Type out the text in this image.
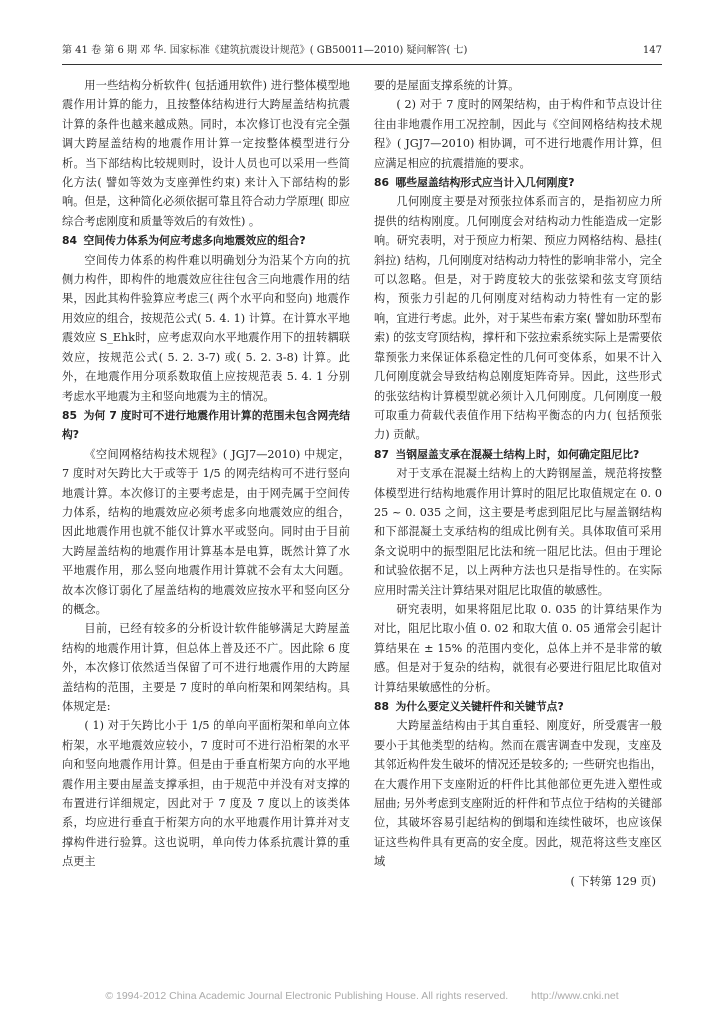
第 41 卷 第 6 期 邓 华. 国家标准《建筑抗震设计规范》( GB50011—2010) 疑问解答( 七)	147

用一些结构分析软件( 包括通用软件) 进行整体模型地震作用计算的能力，且按整体结构进行大跨屋盖结构抗震计算的条件也越来越成熟。同时，本次修订也没有完全强调大跨屋盖结构的地震作用计算一定按整体模型进行分析。当下部结构比较规则时，设计人员也可以采用一些简化方法( 譬如等效为支座弹性约束) 来计入下部结构的影响。但是，这种简化必须依据可靠且符合动力学原理( 即应综合考虑刚度和质量等效后的有效性) 。

84 空间传力体系为何应考虑多向地震效应的组合?

空间传力体系的构件难以明确划分为沿某个方向的抗侧力构件，即构件的地震效应往往包含三向地震作用的结果，因此其构件验算应考虑三( 两个水平向和竖向) 地震作用效应的组合，按规范公式( 5. 4. 1) 计算。在计算水平地震效应 S_Ehk时，应考虑双向水平地震作用下的扭转耦联效应，按规范公式( 5. 2. 3-7) 或( 5. 2. 3-8) 计算。此外，在地震作用分项系数取值上应按规范表 5. 4. 1 分别考虑水平地震为主和竖向地震为主的情况。

85 为何 7 度时可不进行地震作用计算的范围未包含网壳结构?

《空间网格结构技术规程》( JGJ7—2010) 中规定，7 度时对矢跨比大于或等于 1/5 的网壳结构可不进行竖向地震计算。本次修订的主要考虑是，由于网壳属于空间传力体系，结构的地震效应必须考虑多向地震效应的组合，因此地震作用也就不能仅计算水平或竖向。同时由于目前大跨屋盖结构的地震作用计算基本是电算，既然计算了水平地震作用，那么竖向地震作用计算就不会有太大问题。故本次修订弱化了屋盖结构的地震效应按水平和竖向区分的概念。

目前，已经有较多的分析设计软件能够满足大跨屋盖结构的地震作用计算，但总体上普及还不广。因此除 6 度外，本次修订依然适当保留了可不进行地震作用的大跨屋盖结构的范围，主要是 7 度时的单向桁架和网架结构。具体规定是:

( 1) 对于矢跨比小于 1/5 的单向平面桁架和单向立体桁架，水平地震效应较小，7 度时可不进行沿桁架的水平向和竖向地震作用计算。但是由于垂直桁架方向的水平地震作用主要由屋盖支撑承担，由于规范中并没有对支撑的布置进行详细规定，因此对于 7 度及 7 度以上的该类体系，均应进行垂直于桁架方向的水平地震作用计算并对支撑构件进行验算。这也说明，单向传力体系抗震计算的重点更主

要的是屋面支撑系统的计算。

( 2) 对于 7 度时的网架结构，由于构件和节点设计往往由非地震作用工况控制，因此与《空间网格结构技术规程》( JGJ7—2010) 相协调，可不进行地震作用计算，但应满足相应的抗震措施的要求。

86 哪些屋盖结构形式应当计入几何刚度?

几何刚度主要是对预张拉体系而言的，是指初应力所提供的结构刚度。几何刚度会对结构动力性能造成一定影响。研究表明，对于预应力桁架、预应力网格结构、悬挂( 斜拉) 结构，几何刚度对结构动力特性的影响非常小，完全可以忽略。但是，对于跨度较大的张弦梁和弦支穹顶结构，预张力引起的几何刚度对结构动力特性有一定的影响，宜进行考虑。此外，对于某些布索方案( 譬如肋环型布索) 的弦支穹顶结构，撑杆和下弦拉索系统实际上是需要依靠预张力来保证体系稳定性的几何可变体系，如果不计入几何刚度就会导致结构总刚度矩阵奇异。因此，这些形式的张弦结构计算模型就必须计入几何刚度。几何刚度一般可取重力荷载代表值作用下结构平衡态的内力( 包括预张力) 贡献。

87 当钢屋盖支承在混凝土结构上时，如何确定阻尼比?

对于支承在混凝土结构上的大跨钢屋盖，规范将按整体模型进行结构地震作用计算时的阻尼比取值规定在 0. 025 ~ 0. 035 之间，这主要是考虑到阻尼比与屋盖钢结构和下部混凝土支承结构的组成比例有关。具体取值可采用条文说明中的振型阻尼比法和统一阻尼比法。但由于理论和试验依据不足，以上两种方法也只是指导性的。在实际应用时需关注计算结果对阻尼比取值的敏感性。

研究表明，如果将阻尼比取 0. 035 的计算结果作为对比，阻尼比取小值 0. 02 和取大值 0. 05 通常会引起计算结果在 ± 15% 的范围内变化，总体上并不是非常的敏感。但是对于复杂的结构，就很有必要进行阻尼比取值对计算结果敏感性的分析。

88 为什么要定义关键杆件和关键节点?

大跨屋盖结构由于其自重轻、刚度好，所受震害一般要小于其他类型的结构。然而在震害调查中发现，支座及其邻近构件发生破坏的情况还是较多的; 一些研究也指出，在大震作用下支座附近的杆件比其他部位更先进入塑性或屈曲; 另外考虑到支座附近的杆件和节点位于结构的关键部位，其破坏容易引起结构的倒塌和连续性破坏，也应该保证这些构件具有更高的安全度。因此，规范将这些支座区域

( 下转第 129 页)

© 1994-2012 China Academic Journal Electronic Publishing House. All rights reserved. http://www.cnki.net
